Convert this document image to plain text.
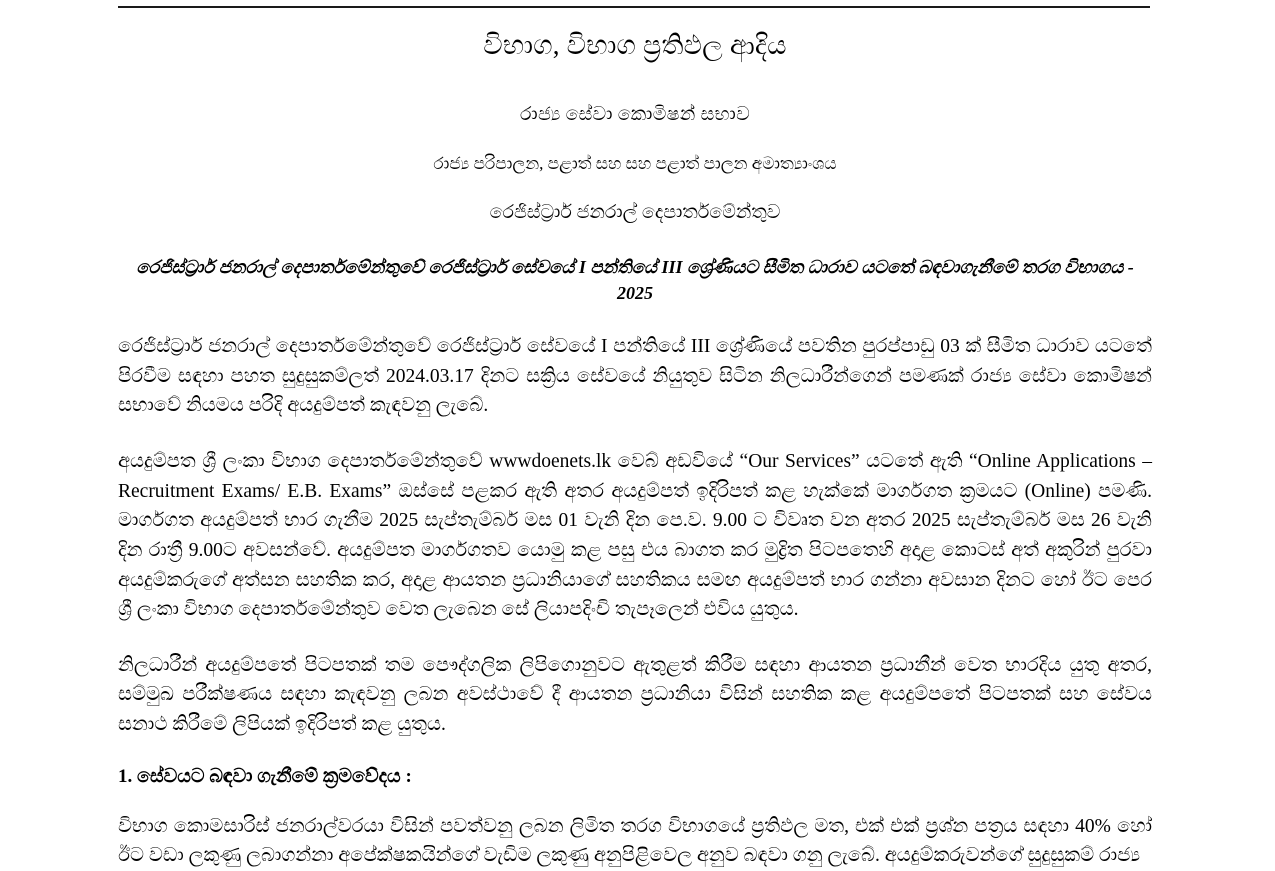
විභාග, විභාග ප්‍රතිඵල ආදිය
රාජ්‍ය සේවා කොමිෂන් සභාව
රාජ්‍ය පරිපාලන, පළාත් සහ සහ පළාත් පාලන අමාත්‍යාංශය
රෙජිස්ට්‍රාර් ජනරාල් දෙපාර්තමේන්තුව
රෙජිස්ට්‍රාර් ජනරාල් දෙපාර්තමේන්තුවේ රෙජිස්ට්‍රාර් සේවයේ I පන්තියේ III ශ්‍රේණියට සීමිත ධාරාව යටතේ බඳවාගැනීමේ තරග විභාගය - 2025

රෙජිස්ට්‍රාර් ජනරාල් දෙපාර්තමේන්තුවේ රෙජිස්ට්‍රාර් සේවයේ I පන්තියේ III ශ්‍රේණියේ පවතින පුරප්පාඩු 03 ක් සීමිත ධාරාව යටතේ පිරවීම සඳහා පහත සුදුසුකම්ලත් 2024.03.17 දිනට සක්‍රිය සේවයේ නියුතුව සිටින නිලධාරීන්ගෙන් පමණක් රාජ්‍ය සේවා කොමිෂන් සභාවේ නියමය පරිදි අයදුම්පත් කැඳවනු ලැබේ.

අයදුම්පත ශ්‍රී ලංකා විභාග දෙපාර්තමේන්තුවේ wwwdoenets.lk වෙබ් අඩවියේ “Our Services” යටතේ ඇති “Online Applications – Recruitment Exams/ E.B. Exams” ඔස්සේ පළකර ඇති අතර අයදුම්පත් ඉදිරිපත් කළ හැක්කේ මාර්ගගත ක්‍රමයට (Online) පමණි. මාර්ගගත අයදුම්පත් භාර ගැනීම 2025 සැප්තැම්බර් මස 01 වැනි දින පෙ.ව. 9.00 ට විවෘත වන අතර 2025 සැප්තැම්බර් මස 26 වැනි දින රාත්‍රී 9.00ට අවසන්වේ. අයදුම්පත මාර්ගගතව යොමු කළ පසු එය බාගත කර මුද්‍රිත පිටපතෙහි අදාළ කොටස් අත් අකුරින් පුරවා අයදුම්කරුගේ අත්සන සහතික කර, අදාළ ආයතන ප්‍රධානියාගේ සහතිකය සමඟ අයදුම්පත් භාර ගන්නා අවසාන දිනට හෝ ඊට පෙර ශ්‍රී ලංකා විභාග දෙපාර්තමේන්තුව වෙත ලැබෙන සේ ලියාපදිංචි තැපෑලෙන් එවිය යුතුය.

නිලධාරීන් අයදුම්පතේ පිටපතක් තම පෞද්ගලික ලිපිගොනුවට ඇතුළත් කිරීම සඳහා ආයතන ප්‍රධානීන් වෙත භාරදිය යුතු අතර, සම්මුඛ පරීක්ෂණය සඳහා කැඳවනු ලබන අවස්ථාවේ දී ආයතන ප්‍රධානියා විසින් සහතික කළ අයදුම්පතේ පිටපතක් සහ සේවය සනාථ කිරීමේ ලිපියක් ඉදිරිපත් කළ යුතුය.

1. සේවයට බඳවා ගැනීමේ ක්‍රමවේදය :

විභාග කොමසාරිස් ජනරාල්වරයා විසින් පවත්වනු ලබන ලිමිත තරග විභාගයේ ප්‍රතිඵල මත, එක් එක් ප්‍රශ්න පත්‍රය සඳහා 40% හෝ ඊට වඩා ලකුණු ලබාගන්නා අපේක්ෂකයින්ගේ වැඩිම ලකුණු අනුපිළිවෙල අනුව බඳවා ගනු ලැබේ. අයදුම්කරුවන්ගේ සුදුසුකම් රාජ්‍ය
